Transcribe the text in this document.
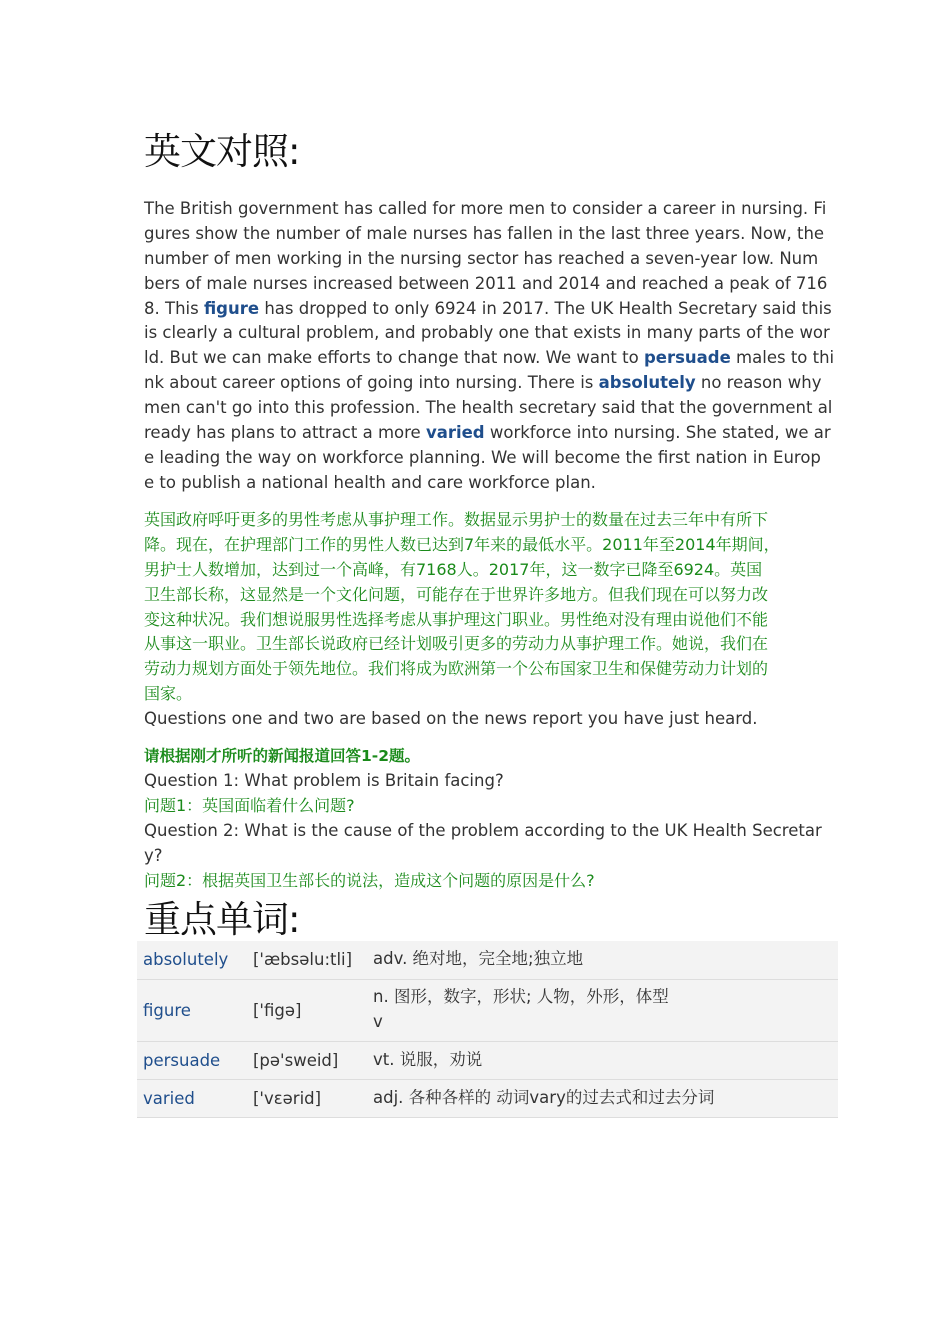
英文对照:
The British government has called for more men to consider a career in nursing. Fi
gures show the number of male nurses has fallen in the last three years. Now, the
number of men working in the nursing sector has reached a seven-year low. Num
bers of male nurses increased between 2011 and 2014 and reached a peak of 716
8. This figure has dropped to only 6924 in 2017. The UK Health Secretary said this
is clearly a cultural problem, and probably one that exists in many parts of the wor
ld. But we can make efforts to change that now. We want to persuade males to thi
nk about career options of going into nursing. There is absolutely no reason why
men can't go into this profession. The health secretary said that the government al
ready has plans to attract a more varied workforce into nursing. She stated, we ar
e leading the way on workforce planning. We will become the first nation in Europ
e to publish a national health and care workforce plan.
英国政府呼吁更多的男性考虑从事护理工作。数据显示男护士的数量在过去三年中有所下
降。现在，在护理部门工作的男性人数已达到7年来的最低水平。2011年至2014年期间，
男护士人数增加，达到过一个高峰，有7168人。2017年，这一数字已降至6924。英国
卫生部长称，这显然是一个文化问题，可能存在于世界许多地方。但我们现在可以努力改
变这种状况。我们想说服男性选择考虑从事护理这门职业。男性绝对没有理由说他们不能
从事这一职业。卫生部长说政府已经计划吸引更多的劳动力从事护理工作。她说，我们在
劳动力规划方面处于领先地位。我们将成为欧洲第一个公布国家卫生和保健劳动力计划的
国家。

Questions one and two are based on the news report you have just heard.

请根据刚才所听的新闻报道回答1-2题。

Question 1: What problem is Britain facing?

问题1：英国面临着什么问题?

Question 2: What is the cause of the problem according to the UK Health Secretar

y?

问题2：根据英国卫生部长的说法，造成这个问题的原因是什么?

重点单词:
absolutely	['æbsəlu:tli]	adv. 绝对地，完全地;独立地

figure	['figə]	n. 图形，数字，形状; 人物，外形，体型
v

persuade	[pə'sweid]	vt. 说服，劝说

varied	['vεərid]	adj. 各种各样的 动词vary的过去式和过去分词
